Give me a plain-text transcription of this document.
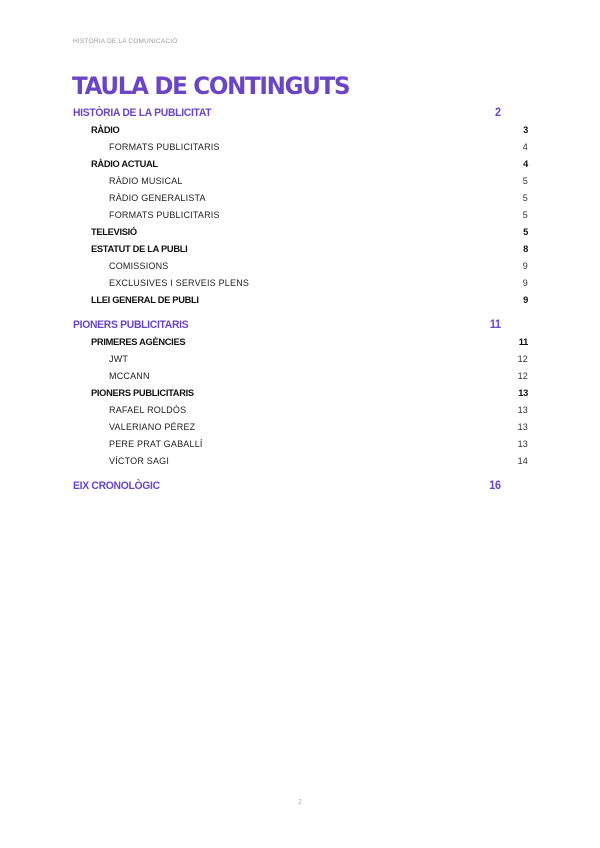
HISTÒRIA DE LA COMUNICACIÓ
TAULA DE CONTINGUTS
HISTÒRIA DE LA PUBLICITAT	2
RÀDIO	3
FORMATS PUBLICITARIS	4
RÀDIO ACTUAL	4
RÀDIO MUSICAL	5
RÀDIO GENERALISTA	5
FORMATS PUBLICITARIS	5
TELEVISIÓ	5
ESTATUT DE LA PUBLI	8
COMISSIONS	9
EXCLUSIVES I SERVEIS PLENS	9
LLEI GENERAL DE PUBLI	9
PIONERS PUBLICITARIS	11
PRIMERES AGÈNCIES	11
JWT	12
MCCANN	12
PIONERS PUBLICITARIS	13
RAFAEL ROLDÓS	13
VALERIANO PÉREZ	13
PERE PRAT GABALLÍ	13
VÍCTOR SAGI	14
EIX CRONOLÒGIC	16
2
